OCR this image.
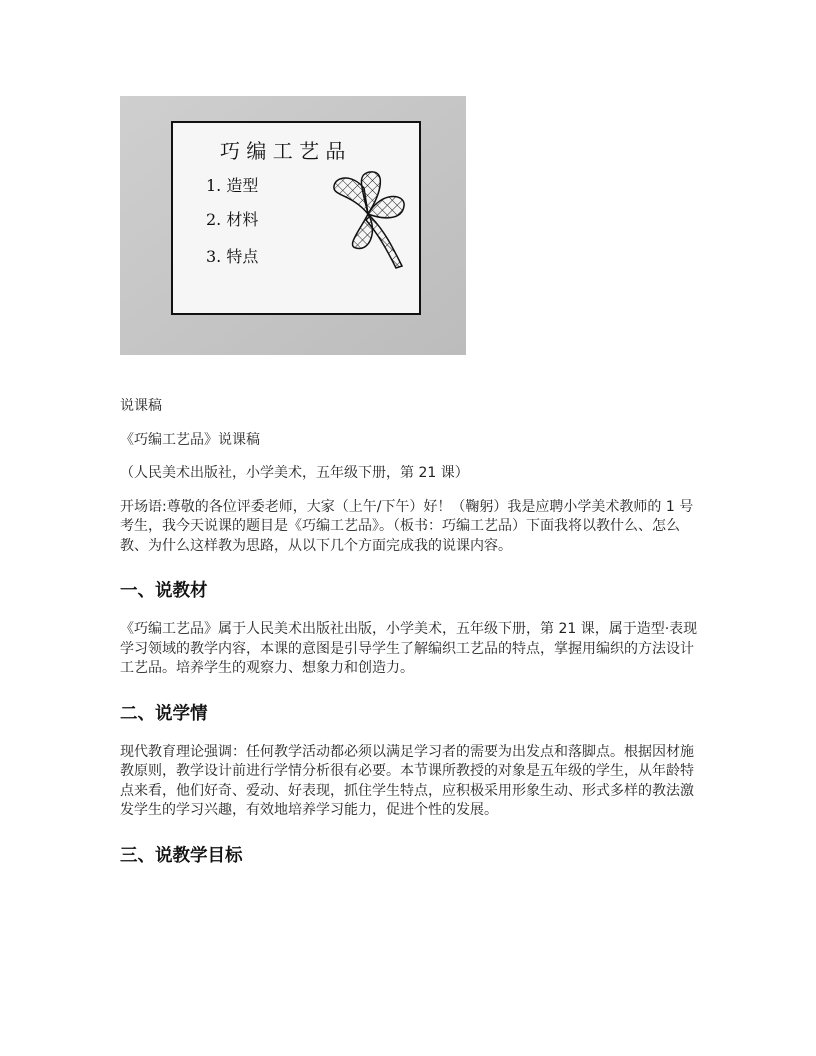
巧 编 工 艺 品
1. 造型
2. 材料
3. 特点

说课稿

《巧编工艺品》说课稿

（人民美术出版社，小学美术，五年级下册，第 21 课）

开场语:尊敬的各位评委老师，大家（上午/下午）好！（鞠躬）我是应聘小学美术教师的 1 号考生，我今天说课的题目是《巧编工艺品》。（板书：巧编工艺品）下面我将以教什么、怎么教、为什么这样教为思路，从以下几个方面完成我的说课内容。

一、说教材

《巧编工艺品》属于人民美术出版社出版，小学美术，五年级下册，第 21 课，属于造型·表现学习领域的教学内容，本课的意图是引导学生了解编织工艺品的特点，掌握用编织的方法设计工艺品。培养学生的观察力、想象力和创造力。

二、说学情

现代教育理论强调：任何教学活动都必须以满足学习者的需要为出发点和落脚点。根据因材施教原则，教学设计前进行学情分析很有必要。本节课所教授的对象是五年级的学生，从年龄特点来看，他们好奇、爱动、好表现，抓住学生特点，应积极采用形象生动、形式多样的教法激发学生的学习兴趣，有效地培养学习能力，促进个性的发展。

三、说教学目标
